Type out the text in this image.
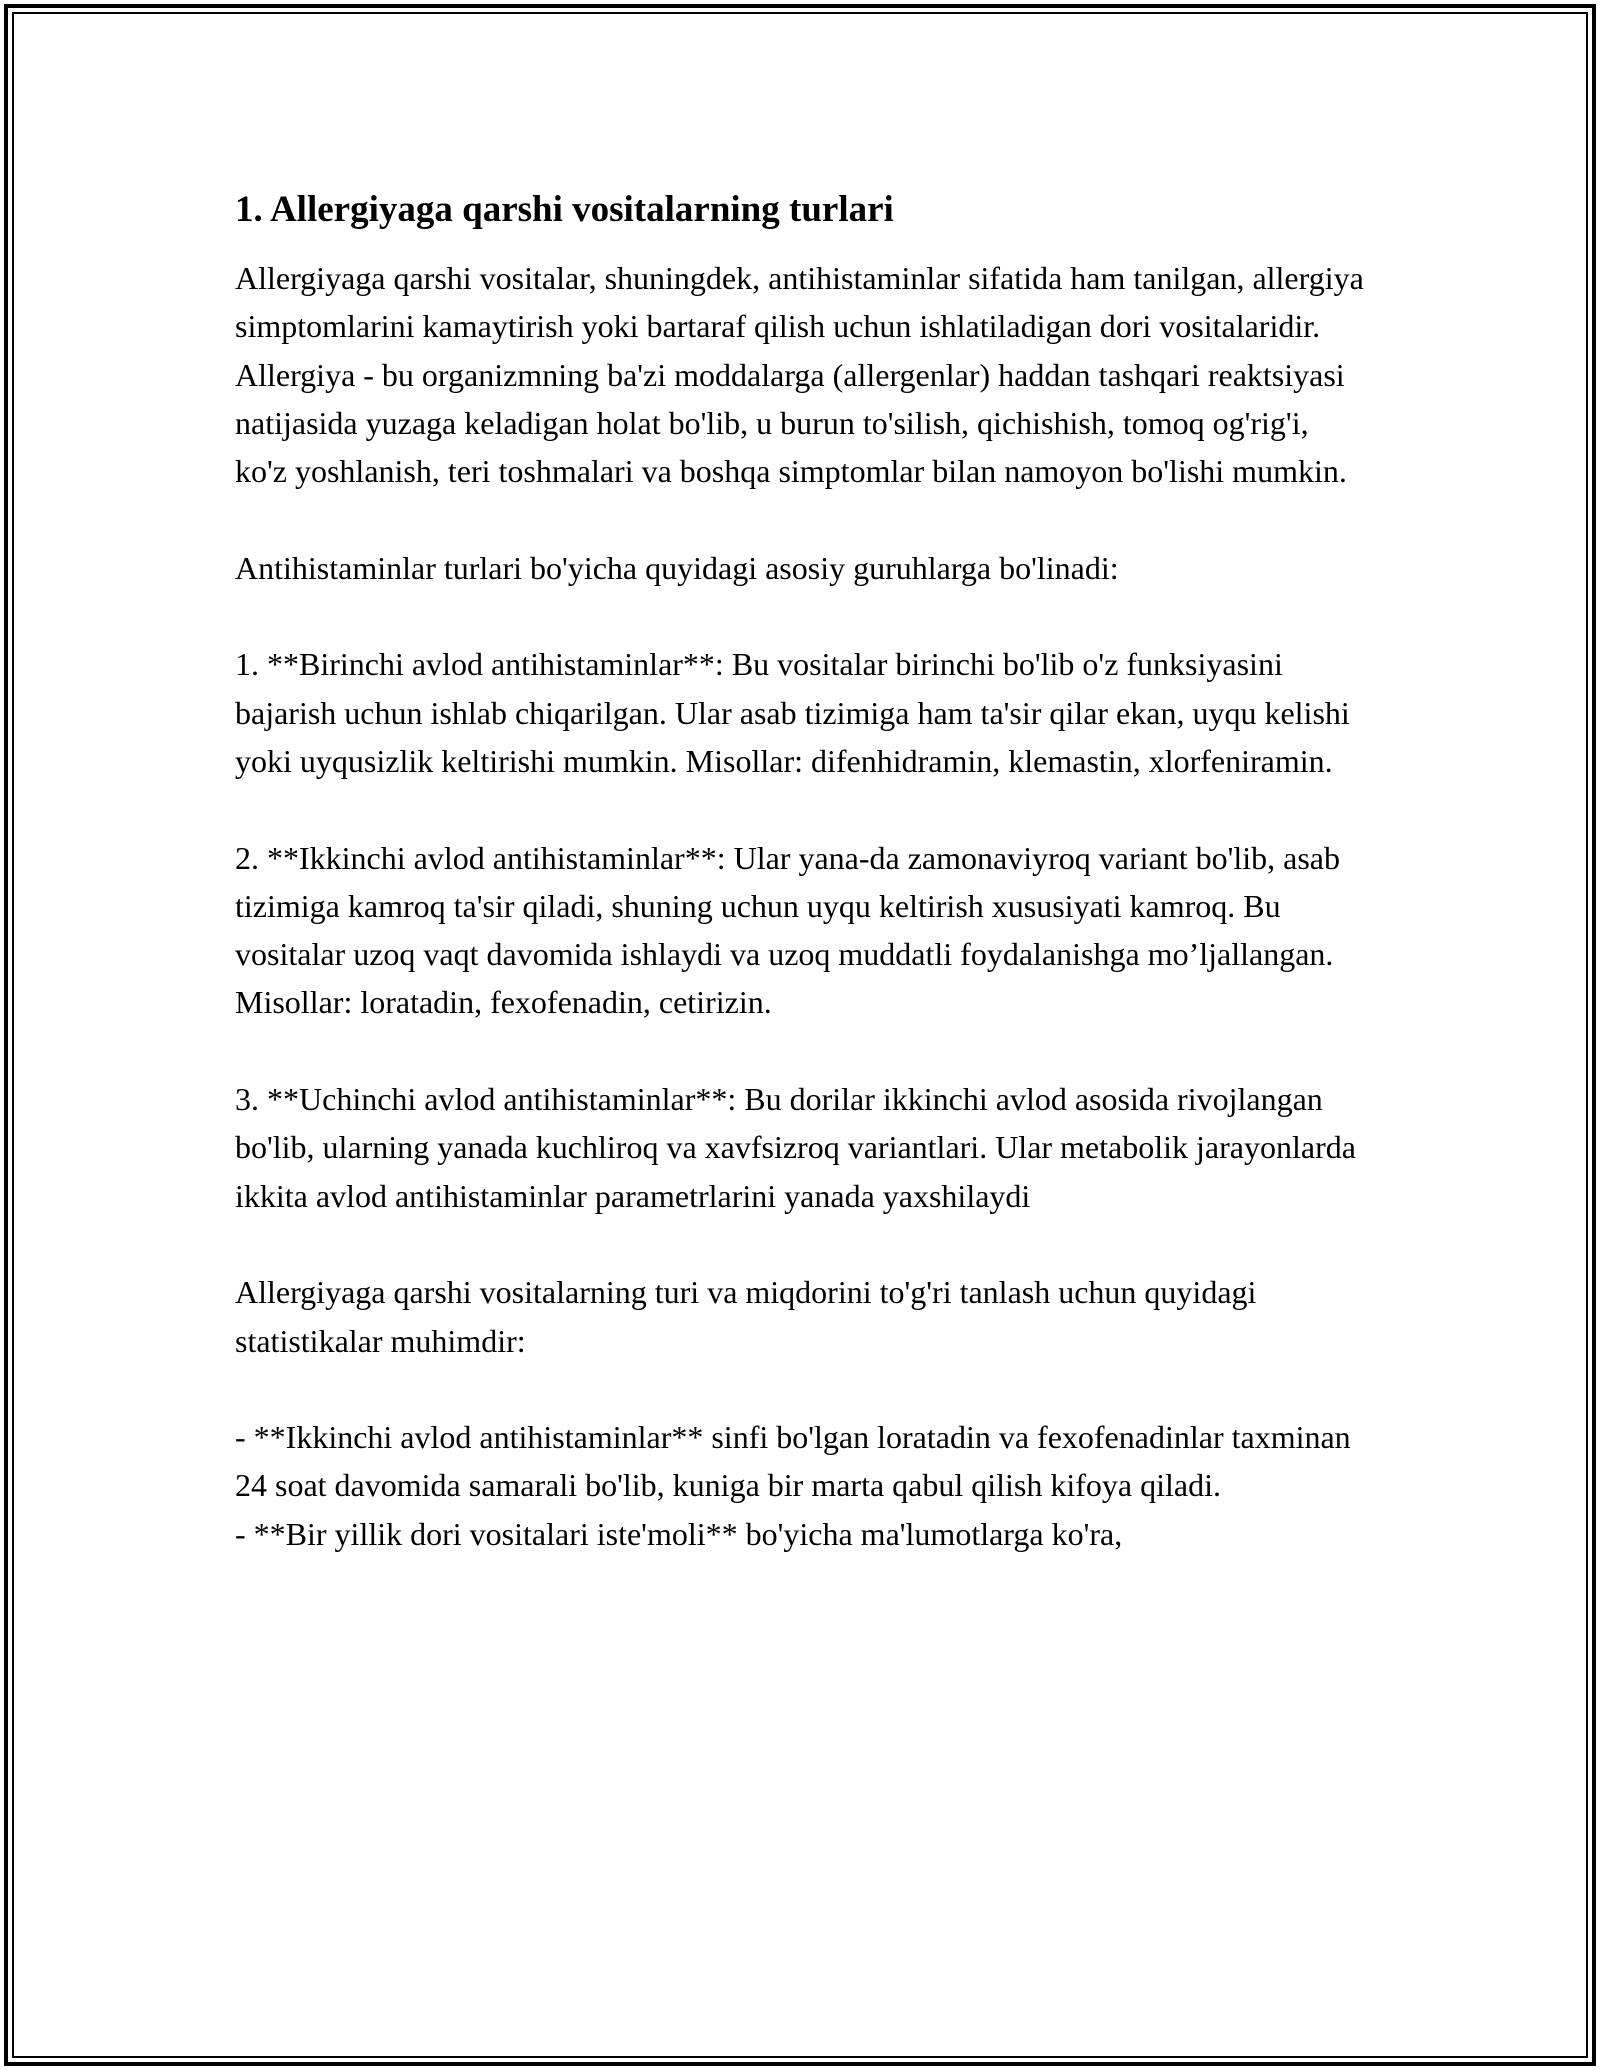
1. Allergiyaga qarshi vositalarning turlari

Allergiyaga qarshi vositalar, shuningdek, antihistaminlar sifatida ham tanilgan, allergiya simptomlarini kamaytirish yoki bartaraf qilish uchun ishlatiladigan dori vositalaridir. Allergiya - bu organizmning ba'zi moddalarga (allergenlar) haddan tashqari reaktsiyasi natijasida yuzaga keladigan holat bo'lib, u burun to'silish, qichishish, tomoq og'rig'i, ko'z yoshlanish, teri toshmalari va boshqa simptomlar bilan namoyon bo'lishi mumkin.

Antihistaminlar turlari bo'yicha quyidagi asosiy guruhlarga bo'linadi:

1. **Birinchi avlod antihistaminlar**: Bu vositalar birinchi bo'lib o'z funksiyasini bajarish uchun ishlab chiqarilgan. Ular asab tizimiga ham ta'sir qilar ekan, uyqu kelishi yoki uyqusizlik keltirishi mumkin. Misollar: difenhidramin, klemastin, xlorfeniramin.

2. **Ikkinchi avlod antihistaminlar**: Ular yana-da zamonaviyroq variant bo'lib, asab tizimiga kamroq ta'sir qiladi, shuning uchun uyqu keltirish xususiyati kamroq. Bu vositalar uzoq vaqt davomida ishlaydi va uzoq muddatli foydalanishga mo’ljallangan. Misollar: loratadin, fexofenadin, cetirizin.

3. **Uchinchi avlod antihistaminlar**: Bu dorilar ikkinchi avlod asosida rivojlangan bo'lib, ularning yanada kuchliroq va xavfsizroq variantlari. Ular metabolik jarayonlarda ikkita avlod antihistaminlar parametrlarini yanada yaxshilaydi

Allergiyaga qarshi vositalarning turi va miqdorini to'g'ri tanlash uchun quyidagi statistikalar muhimdir:

- **Ikkinchi avlod antihistaminlar** sinfi bo'lgan loratadin va fexofenadinlar taxminan 24 soat davomida samarali bo'lib, kuniga bir marta qabul qilish kifoya qiladi.

- **Bir yillik dori vositalari iste'moli** bo'yicha ma'lumotlarga ko'ra,
